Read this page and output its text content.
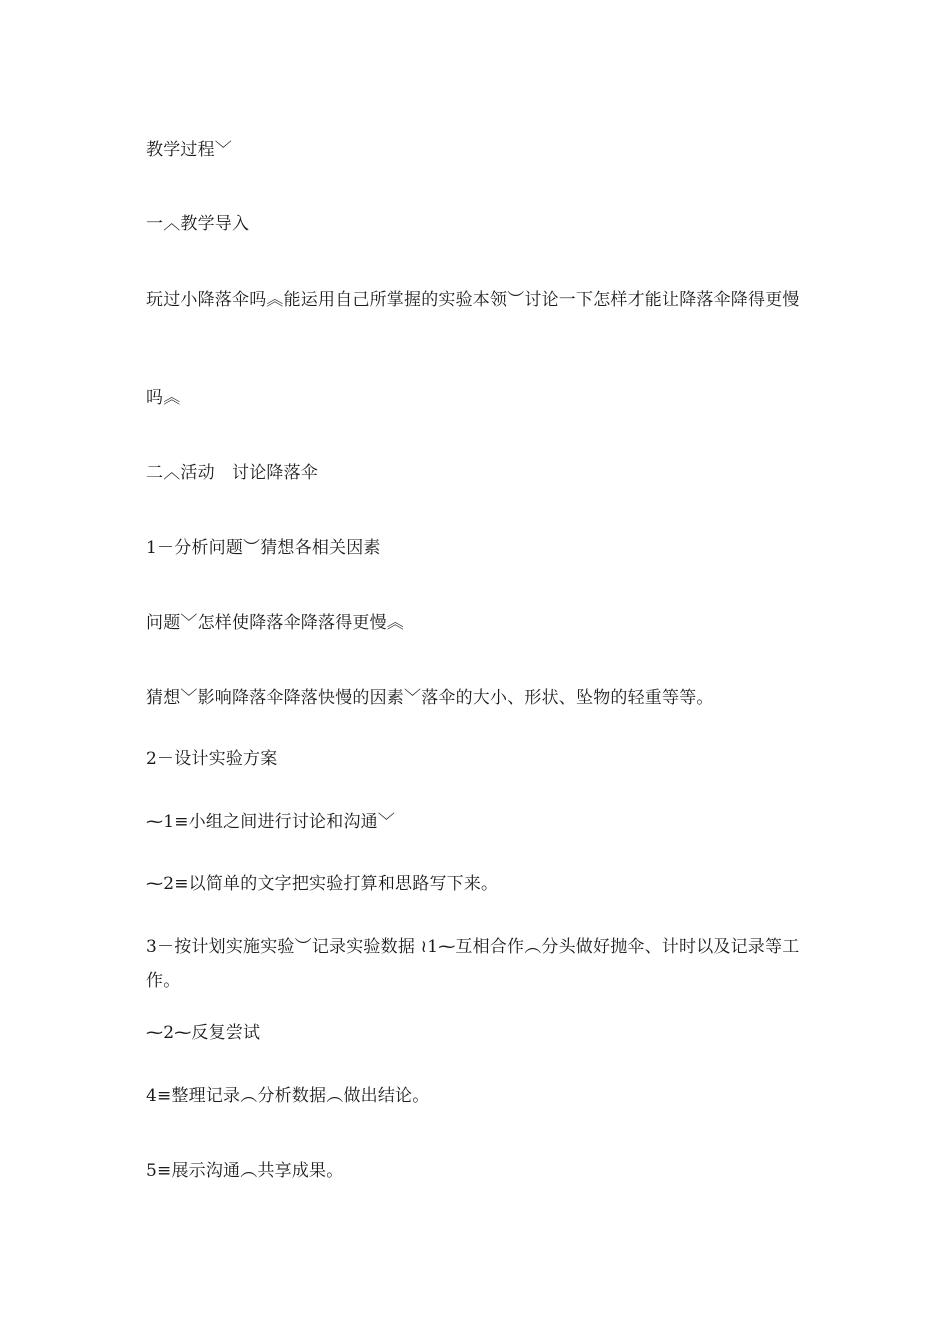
教学过程﹀
一︿教学导入
玩过小降落伞吗︽能运用自己所掌握的实验本领︶讨论一下怎样才能让降落伞降得更慢
吗︽
二︿活动　讨论降落伞
1－分析问题︶猜想各相关因素
问题﹀怎样使降落伞降落得更慢︽
猜想﹀影响降落伞降落快慢的因素﹀落伞的大小、形状、坠物的轻重等等。
2－设计实验方案
⁓1≡小组之间进行讨论和沟通﹀
⁓2≡以简单的文字把实验打算和思路写下来。
3－按计划实施实验︶记录实验数据 ≀1⁓互相合作︵分头做好抛伞、计时以及记录等工作。
⁓2⁓反复尝试
4≡整理记录︵分析数据︵做出结论。
5≡展示沟通︵共享成果。
